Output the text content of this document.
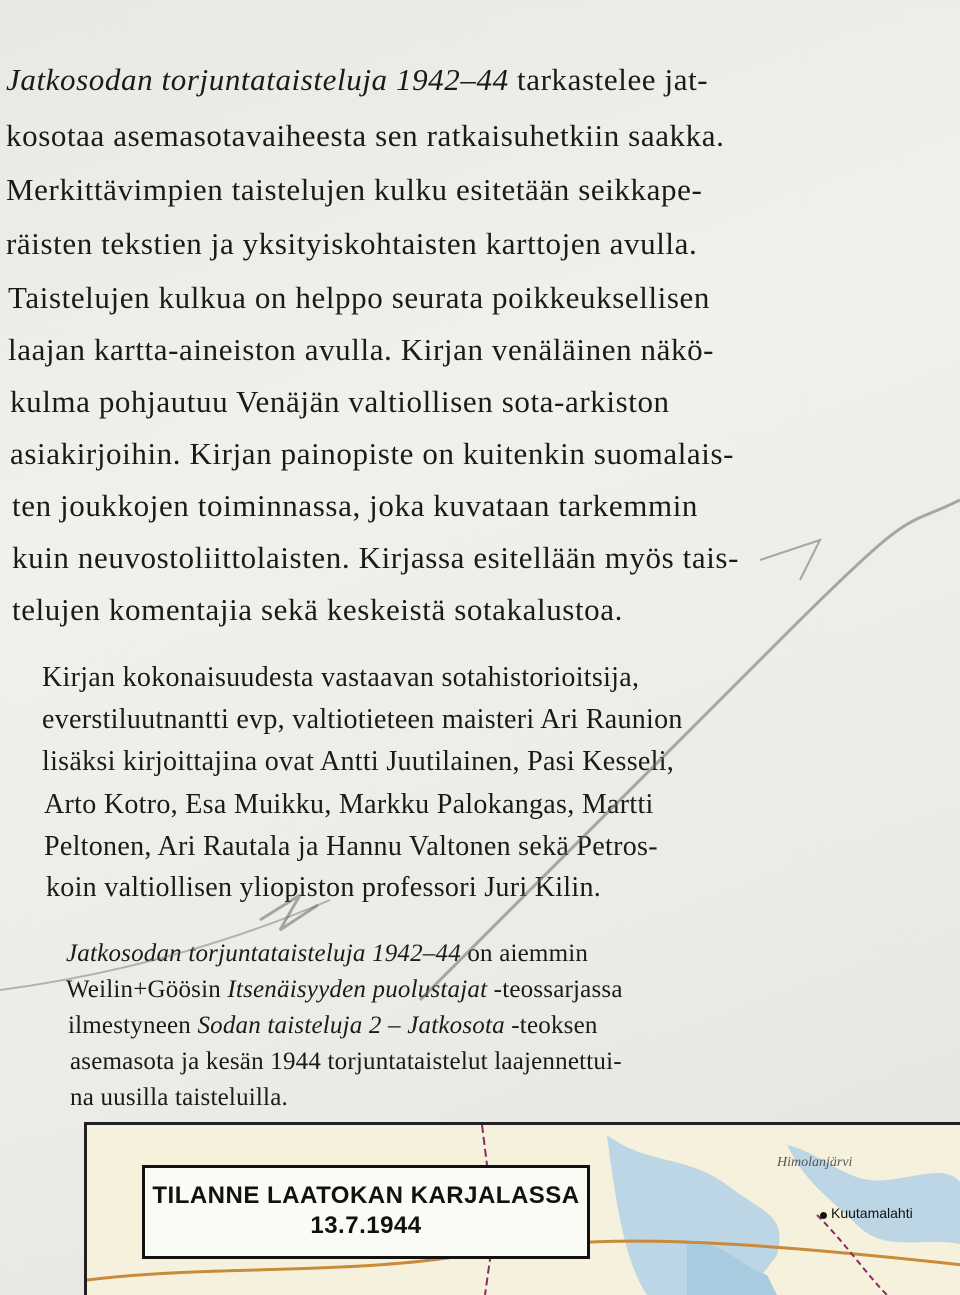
Jatkosodan torjuntataisteluja 1942–44 tarkastelee jat-

kosotaa asemasotavaiheesta sen ratkaisuhetkiin saakka.

Merkittävimpien taistelujen kulku esitetään seikkape-

räisten tekstien ja yksityiskohtaisten karttojen avulla.

Taistelujen kulkua on helppo seurata poikkeuksellisen

laajan kartta-aineiston avulla. Kirjan venäläinen näkö-

kulma pohjautuu Venäjän valtiollisen sota-arkiston

asiakirjoihin. Kirjan painopiste on kuitenkin suomalais-

ten joukkojen toiminnassa, joka kuvataan tarkemmin

kuin neuvostoliittolaisten. Kirjassa esitellään myös tais-

telujen komentajia sekä keskeistä sotakalustoa.

Kirjan kokonaisuudesta vastaavan sotahistorioitsija,

everstiluutnantti evp, valtiotieteen maisteri Ari Raunion

lisäksi kirjoittajina ovat Antti Juutilainen, Pasi Kesseli,

Arto Kotro, Esa Muikku, Markku Palokangas, Martti

Peltonen, Ari Rautala ja Hannu Valtonen sekä Petros-

koin valtiollisen yliopiston professori Juri Kilin.

Jatkosodan torjuntataisteluja 1942–44 on aiemmin

Weilin+Göösin Itsenäisyyden puolustajat -teossarjassa

ilmestyneen Sodan taisteluja 2 – Jatkosota -teoksen

asemasota ja kesän 1944 torjuntataistelut laajennettui-

na uusilla taisteluilla.

TILANNE LAATOKAN KARJALASSA
13.7.1944
Himolanjärvi
Kuutamalahti
